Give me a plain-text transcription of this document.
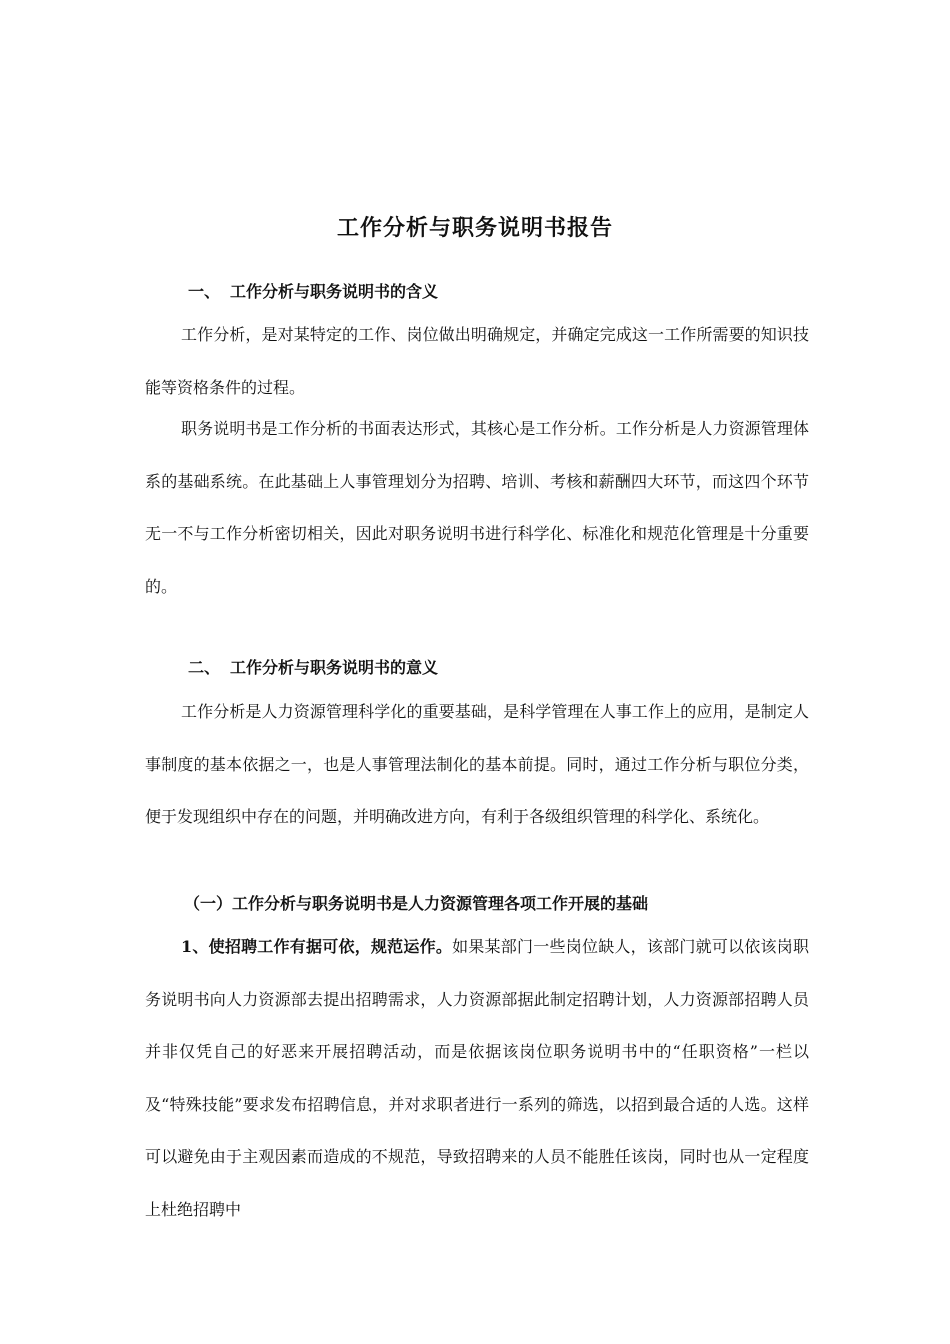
工作分析与职务说明书报告
一、 工作分析与职务说明书的含义
工作分析，是对某特定的工作、岗位做出明确规定，并确定完成这一工作所需要的知识技能等资格条件的过程。
职务说明书是工作分析的书面表达形式，其核心是工作分析。工作分析是人力资源管理体系的基础系统。在此基础上人事管理划分为招聘、培训、考核和薪酬四大环节，而这四个环节无一不与工作分析密切相关，因此对职务说明书进行科学化、标准化和规范化管理是十分重要的。
二、 工作分析与职务说明书的意义
工作分析是人力资源管理科学化的重要基础，是科学管理在人事工作上的应用，是制定人事制度的基本依据之一，也是人事管理法制化的基本前提。同时，通过工作分析与职位分类，便于发现组织中存在的问题，并明确改进方向，有利于各级组织管理的科学化、系统化。
（一）工作分析与职务说明书是人力资源管理各项工作开展的基础
1、使招聘工作有据可依，规范运作。如果某部门一些岗位缺人，该部门就可以依该岗职务说明书向人力资源部去提出招聘需求，人力资源部据此制定招聘计划，人力资源部招聘人员并非仅凭自己的好恶来开展招聘活动，而是依据该岗位职务说明书中的“任职资格”一栏以及“特殊技能”要求发布招聘信息，并对求职者进行一系列的筛选，以招到最合适的人选。这样可以避免由于主观因素而造成的不规范，导致招聘来的人员不能胜任该岗，同时也从一定程度上杜绝招聘中
